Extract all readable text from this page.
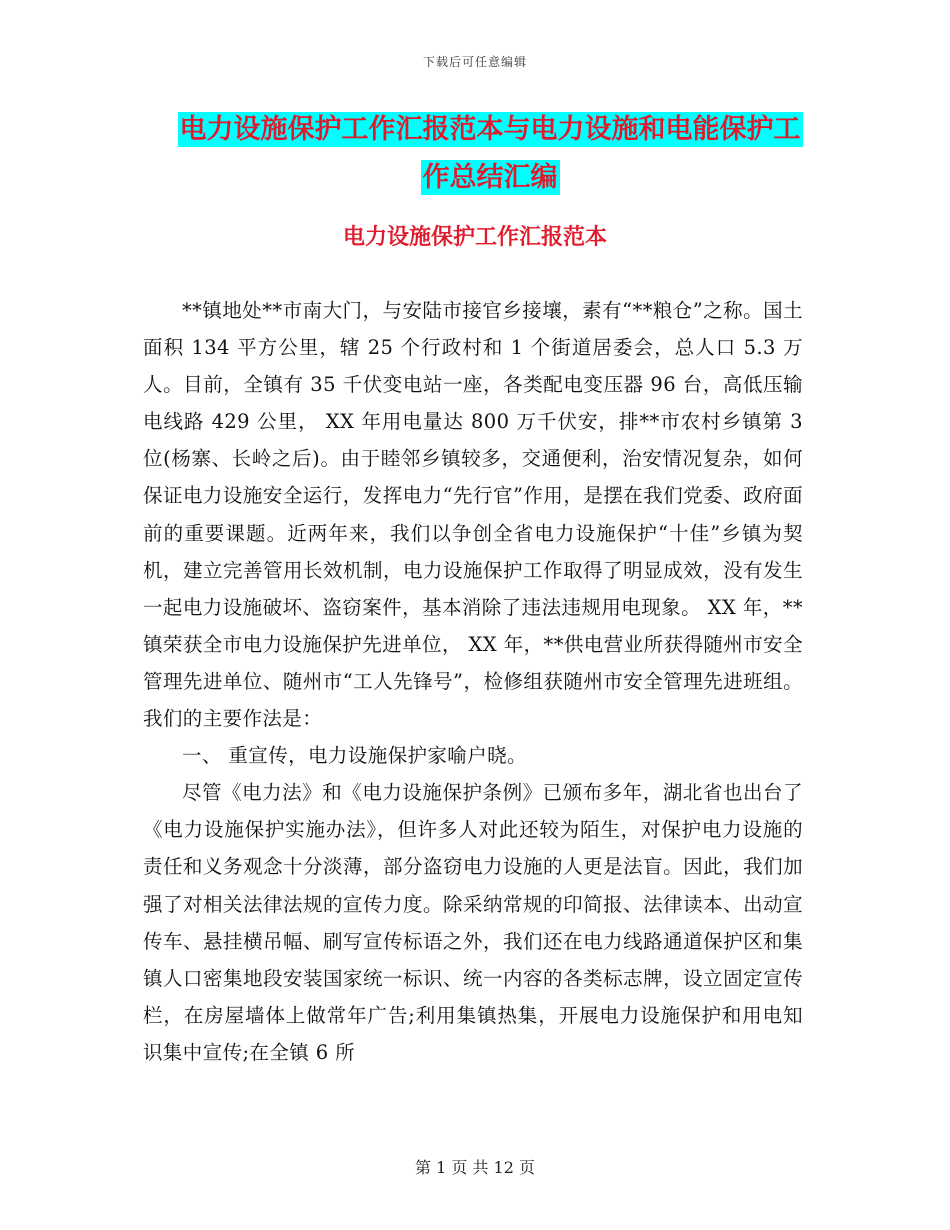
下载后可任意编辑
电力设施保护工作汇报范本与电力设施和电能保护工
作总结汇编
电力设施保护工作汇报范本

**镇地处**市南大门，与安陆市接官乡接壤，素有“**粮仓”之称。国土面积 134 平方公里，辖 25 个行政村和 1 个街道居委会，总人口 5.3 万人。目前，全镇有 35 千伏变电站一座，各类配电变压器 96 台，高低压输电线路 429 公里， XX 年用电量达 800 万千伏安，排**市农村乡镇第 3 位(杨寨、长岭之后)。由于睦邻乡镇较多，交通便利，治安情况复杂，如何保证电力设施安全运行，发挥电力“先行官”作用，是摆在我们党委、政府面前的重要课题。近两年来，我们以争创全省电力设施保护“十佳”乡镇为契机，建立完善管用长效机制，电力设施保护工作取得了明显成效，没有发生一起电力设施破坏、盗窃案件，基本消除了违法违规用电现象。 XX 年，**镇荣获全市电力设施保护先进单位， XX 年，**供电营业所获得随州市安全管理先进单位、随州市“工人先锋号”，检修组获随州市安全管理先进班组。我们的主要作法是：

一、 重宣传，电力设施保护家喻户晓。

尽管《电力法》和《电力设施保护条例》已颁布多年，湖北省也出台了《电力设施保护实施办法》，但许多人对此还较为陌生，对保护电力设施的责任和义务观念十分淡薄，部分盗窃电力设施的人更是法盲。因此，我们加强了对相关法律法规的宣传力度。除采纳常规的印简报、法律读本、出动宣传车、悬挂横吊幅、刷写宣传标语之外，我们还在电力线路通道保护区和集镇人口密集地段安装国家统一标识、统一内容的各类标志牌，设立固定宣传栏，在房屋墙体上做常年广告;利用集镇热集，开展电力设施保护和用电知识集中宣传;在全镇 6 所

第 1 页 共 12 页
